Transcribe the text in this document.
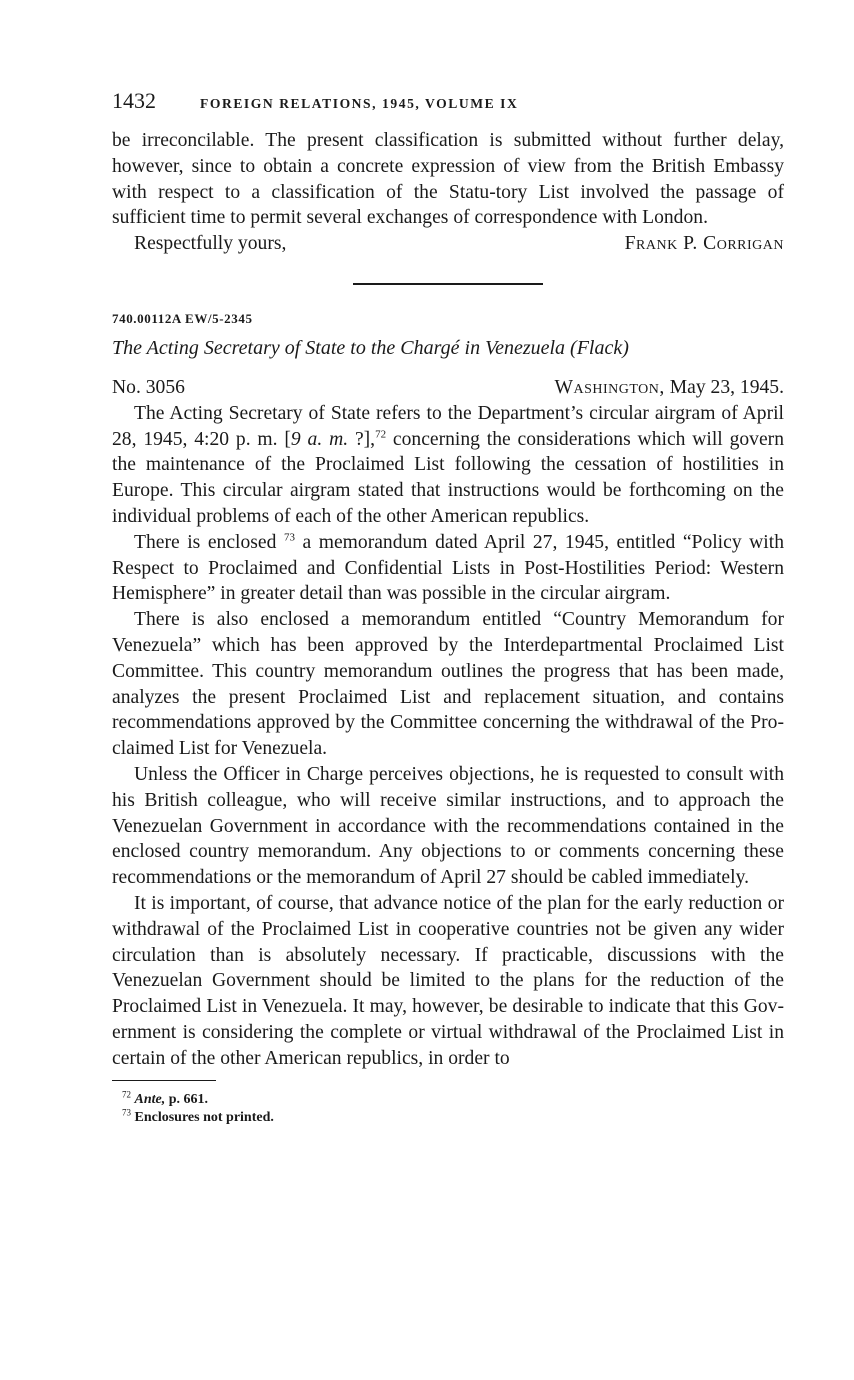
1432	FOREIGN RELATIONS, 1945, VOLUME IX

be irreconcilable. The present classification is submitted without further delay, however, since to obtain a concrete expression of view from the British Embassy with respect to a classification of the Statu-tory List involved the passage of sufficient time to permit several exchanges of correspondence with London.

Respectfully yours,	Frank P. Corrigan
740.00112A EW/5-2345
The Acting Secretary of State to the Chargé in Venezuela (Flack)
No. 3056	Washington, May 23, 1945.

The Acting Secretary of State refers to the Department’s circular airgram of April 28, 1945, 4:20 p. m. [9 a. m. ?],$^{72}$ concerning the considerations which will govern the maintenance of the Proclaimed List following the cessation of hostilities in Europe. This circular airgram stated that instructions would be forthcoming on the individual problems of each of the other American republics.

There is enclosed $^{73}$ a memorandum dated April 27, 1945, entitled “Policy with Respect to Proclaimed and Confidential Lists in Post-Hostilities Period: Western Hemisphere” in greater detail than was possible in the circular airgram.

There is also enclosed a memorandum entitled “Country Memorandum for Venezuela” which has been approved by the Interdepartmental Proclaimed List Committee. This country memorandum outlines the progress that has been made, analyzes the present Proclaimed List and replacement situation, and contains recommendations approved by the Committee concerning the withdrawal of the Proclaimed List for Venezuela.

Unless the Officer in Charge perceives objections, he is requested to consult with his British colleague, who will receive similar instructions, and to approach the Venezuelan Government in accordance with the recommendations contained in the enclosed country memorandum. Any objections to or comments concerning these recommendations or the memorandum of April 27 should be cabled immediately.

It is important, of course, that advance notice of the plan for the early reduction or withdrawal of the Proclaimed List in cooperative countries not be given any wider circulation than is absolutely necessary. If practicable, discussions with the Venezuelan Government should be limited to the plans for the reduction of the Proclaimed List in Venezuela. It may, however, be desirable to indicate that this Government is considering the complete or virtual withdrawal of the Proclaimed List in certain of the other American republics, in order to

$^{72}$ Ante, p. 661.
$^{73}$ Enclosures not printed.
